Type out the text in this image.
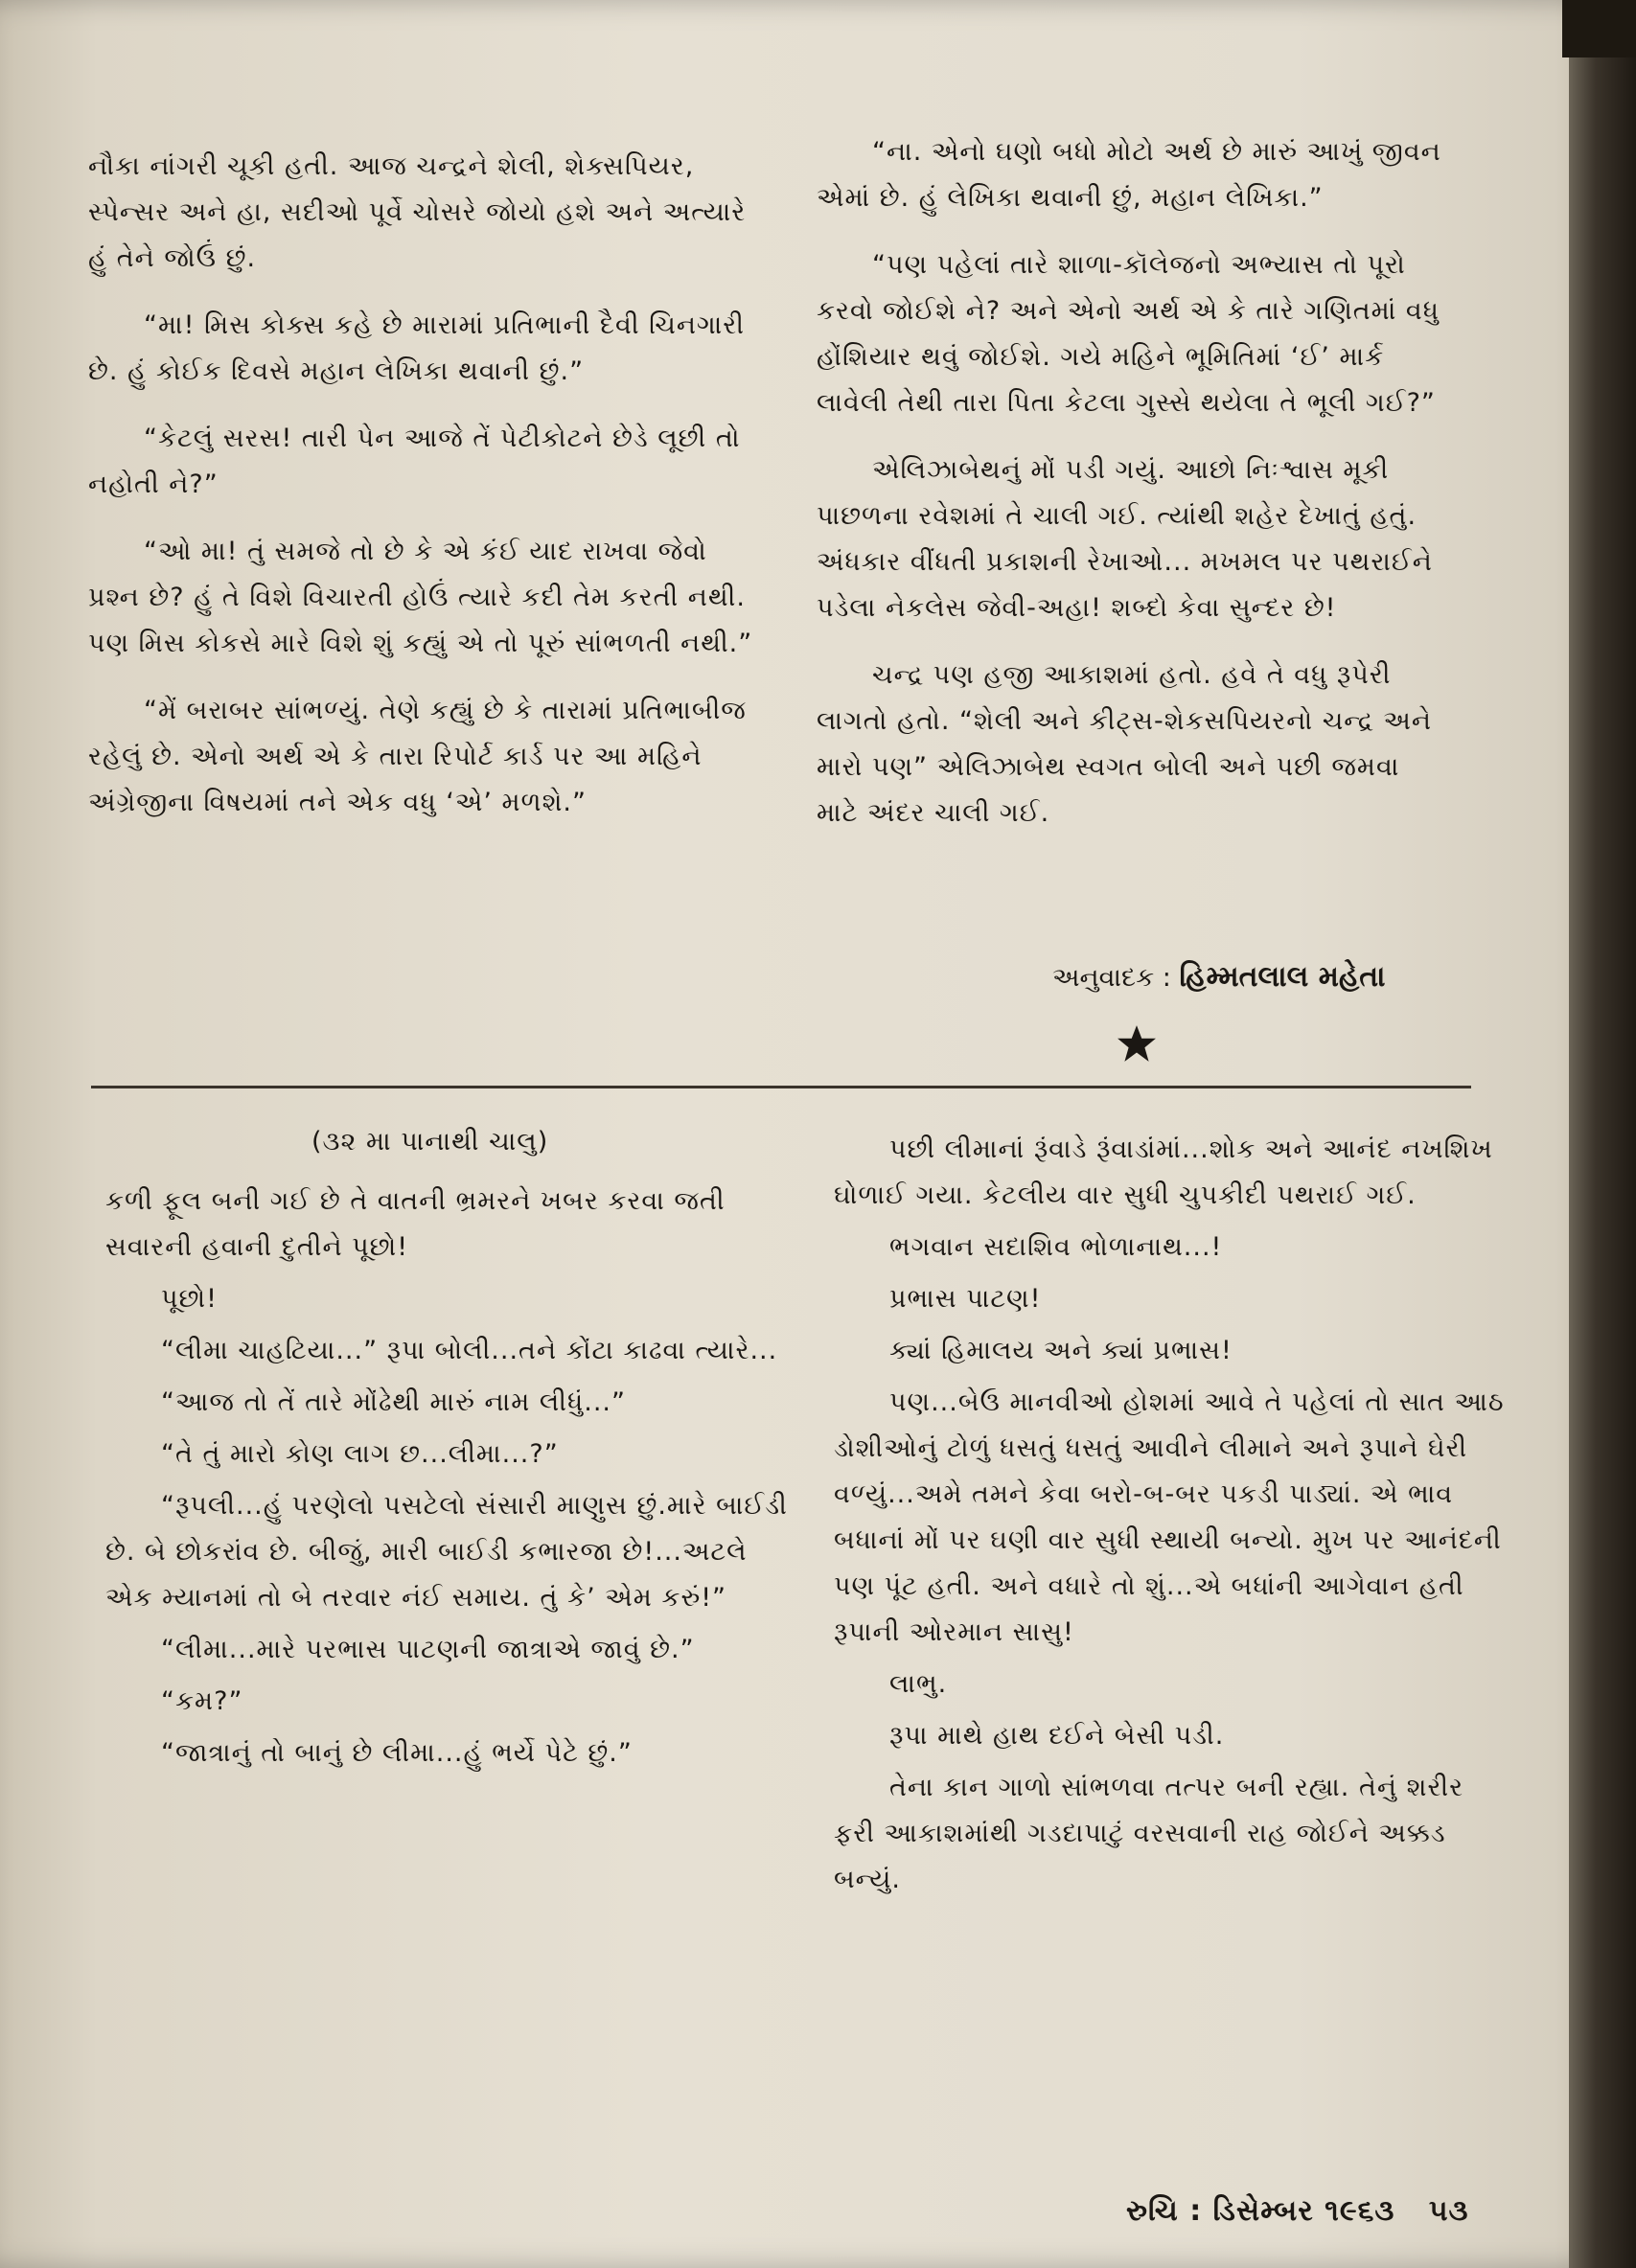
નૌકા નાંગરી ચૂકી હતી. આજ ચન્દ્રને શેલી, શેક્સપિયર, સ્પેન્સર અને હા, સદીઓ પૂર્વે ચોસરે જોયો હશે અને અત્યારે હું તેને જોઉં છું.

“મા! મિસ કોક્સ કહે છે મારામાં પ્રતિભાની દૈવી ચિનગારી છે. હું કોઈક દિવસે મહાન લેખિકા થવાની છું.”

“કેટલું સરસ! તારી પેન આજે તેં પેટીકોટને છેડે લૂછી તો નહોતી ને?”

“ઓ મા! તું સમજે તો છે કે એ કંઈ યાદ રાખવા જેવો પ્રશ્ન છે? હું તે વિશે વિચારતી હોઉં ત્યારે કદી તેમ કરતી નથી. પણ મિસ કોકસે મારે વિશે શું કહ્યું એ તો પૂરું સાંભળતી નથી.”

“મેં બરાબર સાંભળ્યું. તેણે કહ્યું છે કે તારામાં પ્રતિભાબીજ રહેલું છે. એનો અર્થ એ કે તારા રિપોર્ટ કાર્ડ પર આ મહિને અંગ્રેજીના વિષયમાં તને એક વધુ ‘એ’ મળશે.”

“ના. એનો ઘણો બધો મોટો અર્થ છે મારું આખું જીવન એમાં છે. હું લેખિકા થવાની છું, મહાન લેખિકા.”

“પણ પહેલાં તારે શાળા-કૉલેજનો અભ્યાસ તો પૂરો કરવો જોઈશે ને? અને એનો અર્થ એ કે તારે ગણિતમાં વધુ હોંશિયાર થવું જોઈશે. ગયે મહિને ભૂમિતિમાં ‘ઈ’ માર્ક લાવેલી તેથી તારા પિતા કેટલા ગુસ્સે થયેલા તે ભૂલી ગઈ?”

એલિઝાબેથનું મોં પડી ગયું. આછો નિઃશ્વાસ મૂકી પાછળના રવેશમાં તે ચાલી ગઈ. ત્યાંથી શહેર દેખાતું હતું. અંધકાર વીંધતી પ્રકાશની રેખાઓ... મખમલ પર પથરાઈને પડેલા નેકલેસ જેવી-અહા! શબ્દો કેવા સુન્દર છે!

ચન્દ્ર પણ હજી આકાશમાં હતો. હવે તે વધુ રૂપેરી લાગતો હતો. “શેલી અને કીટ્સ-શેકસપિયરનો ચન્દ્ર અને મારો પણ” એલિઝાબેથ સ્વગત બોલી અને પછી જમવા માટે અંદર ચાલી ગઈ.

અનુવાદક : હિમ્મતલાલ મહેતા
(૩૨ મા પાનાથી ચાલુ)

કળી ફૂલ બની ગઈ છે તે વાતની ભ્રમરને ખબર કરવા જતી સવારની હવાની દુતીને પૂછો!

પૂછો!

“લીમા ચાહટિયા...” રૂપા બોલી...તને કોંટા કાઢવા ત્યારે...

“આજ તો તેં તારે મોંઢેથી મારું નામ લીધું...”

“તે તું મારો કોણ લાગ છ...લીમા...?”

“રૂપલી...હું પરણેલો પસટેલો સંસારી માણુસ છું.મારે બાઈડી છે. બે છોકરાંવ છે. બીજું, મારી બાઈડી કભારજા છે!...અટલે એક મ્યાનમાં તો બે તરવાર નંઈ સમાય. તું કે’ એમ કરું!”

“લીમા...મારે પરભાસ પાટણની જાત્રાએ જાવું છે.”

“કમ?”

“જાત્રાનું તો બાનું છે લીમા...હું ભર્યે પેટે છું.”

પછી લીમાનાં રૂંવાડે રૂંવાડાંમાં...શોક અને આનંદ નખશિખ ઘોળાઈ ગયા. કેટલીય વાર સુધી ચુપકીદી પથરાઈ ગઈ.

ભગવાન સદાશિવ ભોળાનાથ...!

પ્રભાસ પાટણ!

ક્યાં હિમાલય અને ક્યાં પ્રભાસ!

પણ...બેઉ માનવીઓ હોશમાં આવે તે પહેલાં તો સાત આઠ ડોશીઓનું ટોળું ધસતું ધસતું આવીને લીમાને અને રૂપાને ઘેરી વળ્યું...અમે તમને કેવા બરો-બ-બર પકડી પાડ્યાં. એ ભાવ બધાનાં મોં પર ઘણી વાર સુધી સ્થાયી બન્યો. મુખ પર આનંદની પણ પૂંટ હતી. અને વધારે તો શું...એ બધાંની આગેવાન હતી રૂપાની ઓરમાન સાસુ!

લાભુ.

રૂપા માથે હાથ દઈને બેસી પડી.

તેના કાન ગાળો સાંભળવા તત્પર બની રહ્યા. તેનું શરીર ફરી આકાશમાંથી ગડદાપાટું વરસવાની રાહ જોઈને અક્કડ બન્યું.

રુચિ : ડિસેમ્બર ૧૯૬૩ ૫૩
